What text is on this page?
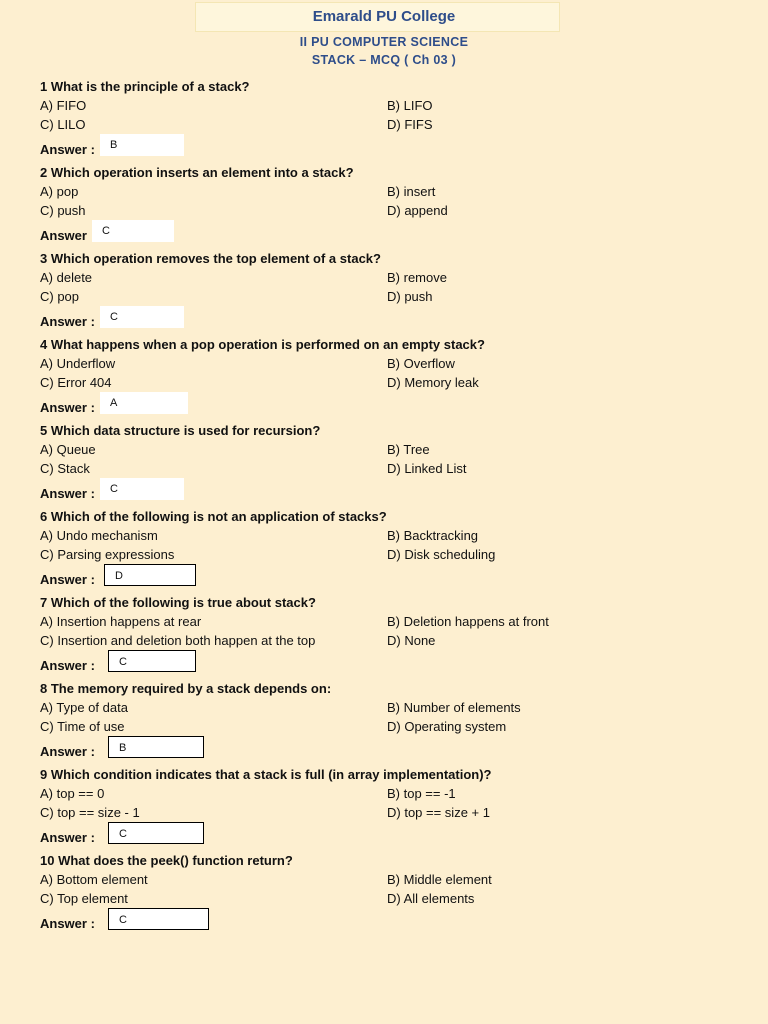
Emarald PU College
II PU COMPUTER SCIENCE
STACK – MCQ ( Ch 03 )
1 What is the principle of a stack?
A) FIFO	B) LIFO
C) LILO	D) FIFS
Answer :	B
2 Which operation inserts an element into a stack?
A) pop	B) insert
C) push	D) append
Answer	C
3 Which operation removes the top element of a stack?
A) delete	B) remove
C) pop	D) push
Answer :	C
4 What happens when a pop operation is performed on an empty stack?
A) Underflow	B) Overflow
C) Error 404	D) Memory leak
Answer :	A
5 Which data structure is used for recursion?
A) Queue	B) Tree
C) Stack	D) Linked List
Answer :	C
6 Which of the following is not an application of stacks?
A) Undo mechanism	B) Backtracking
C) Parsing expressions	D) Disk scheduling
Answer :	D
7 Which of the following is true about stack?
A) Insertion happens at rear	B) Deletion happens at front
C) Insertion and deletion both happen at the top	D) None
Answer :	C
8 The memory required by a stack depends on:
A) Type of data	B) Number of elements
C) Time of use	D) Operating system
Answer :	B
9 Which condition indicates that a stack is full (in array implementation)?
A) top == 0	B) top == -1
C) top == size - 1	D) top == size + 1
Answer :	C
10 What does the peek() function return?
A) Bottom element	B) Middle element
C) Top element	D) All elements
Answer :	C
